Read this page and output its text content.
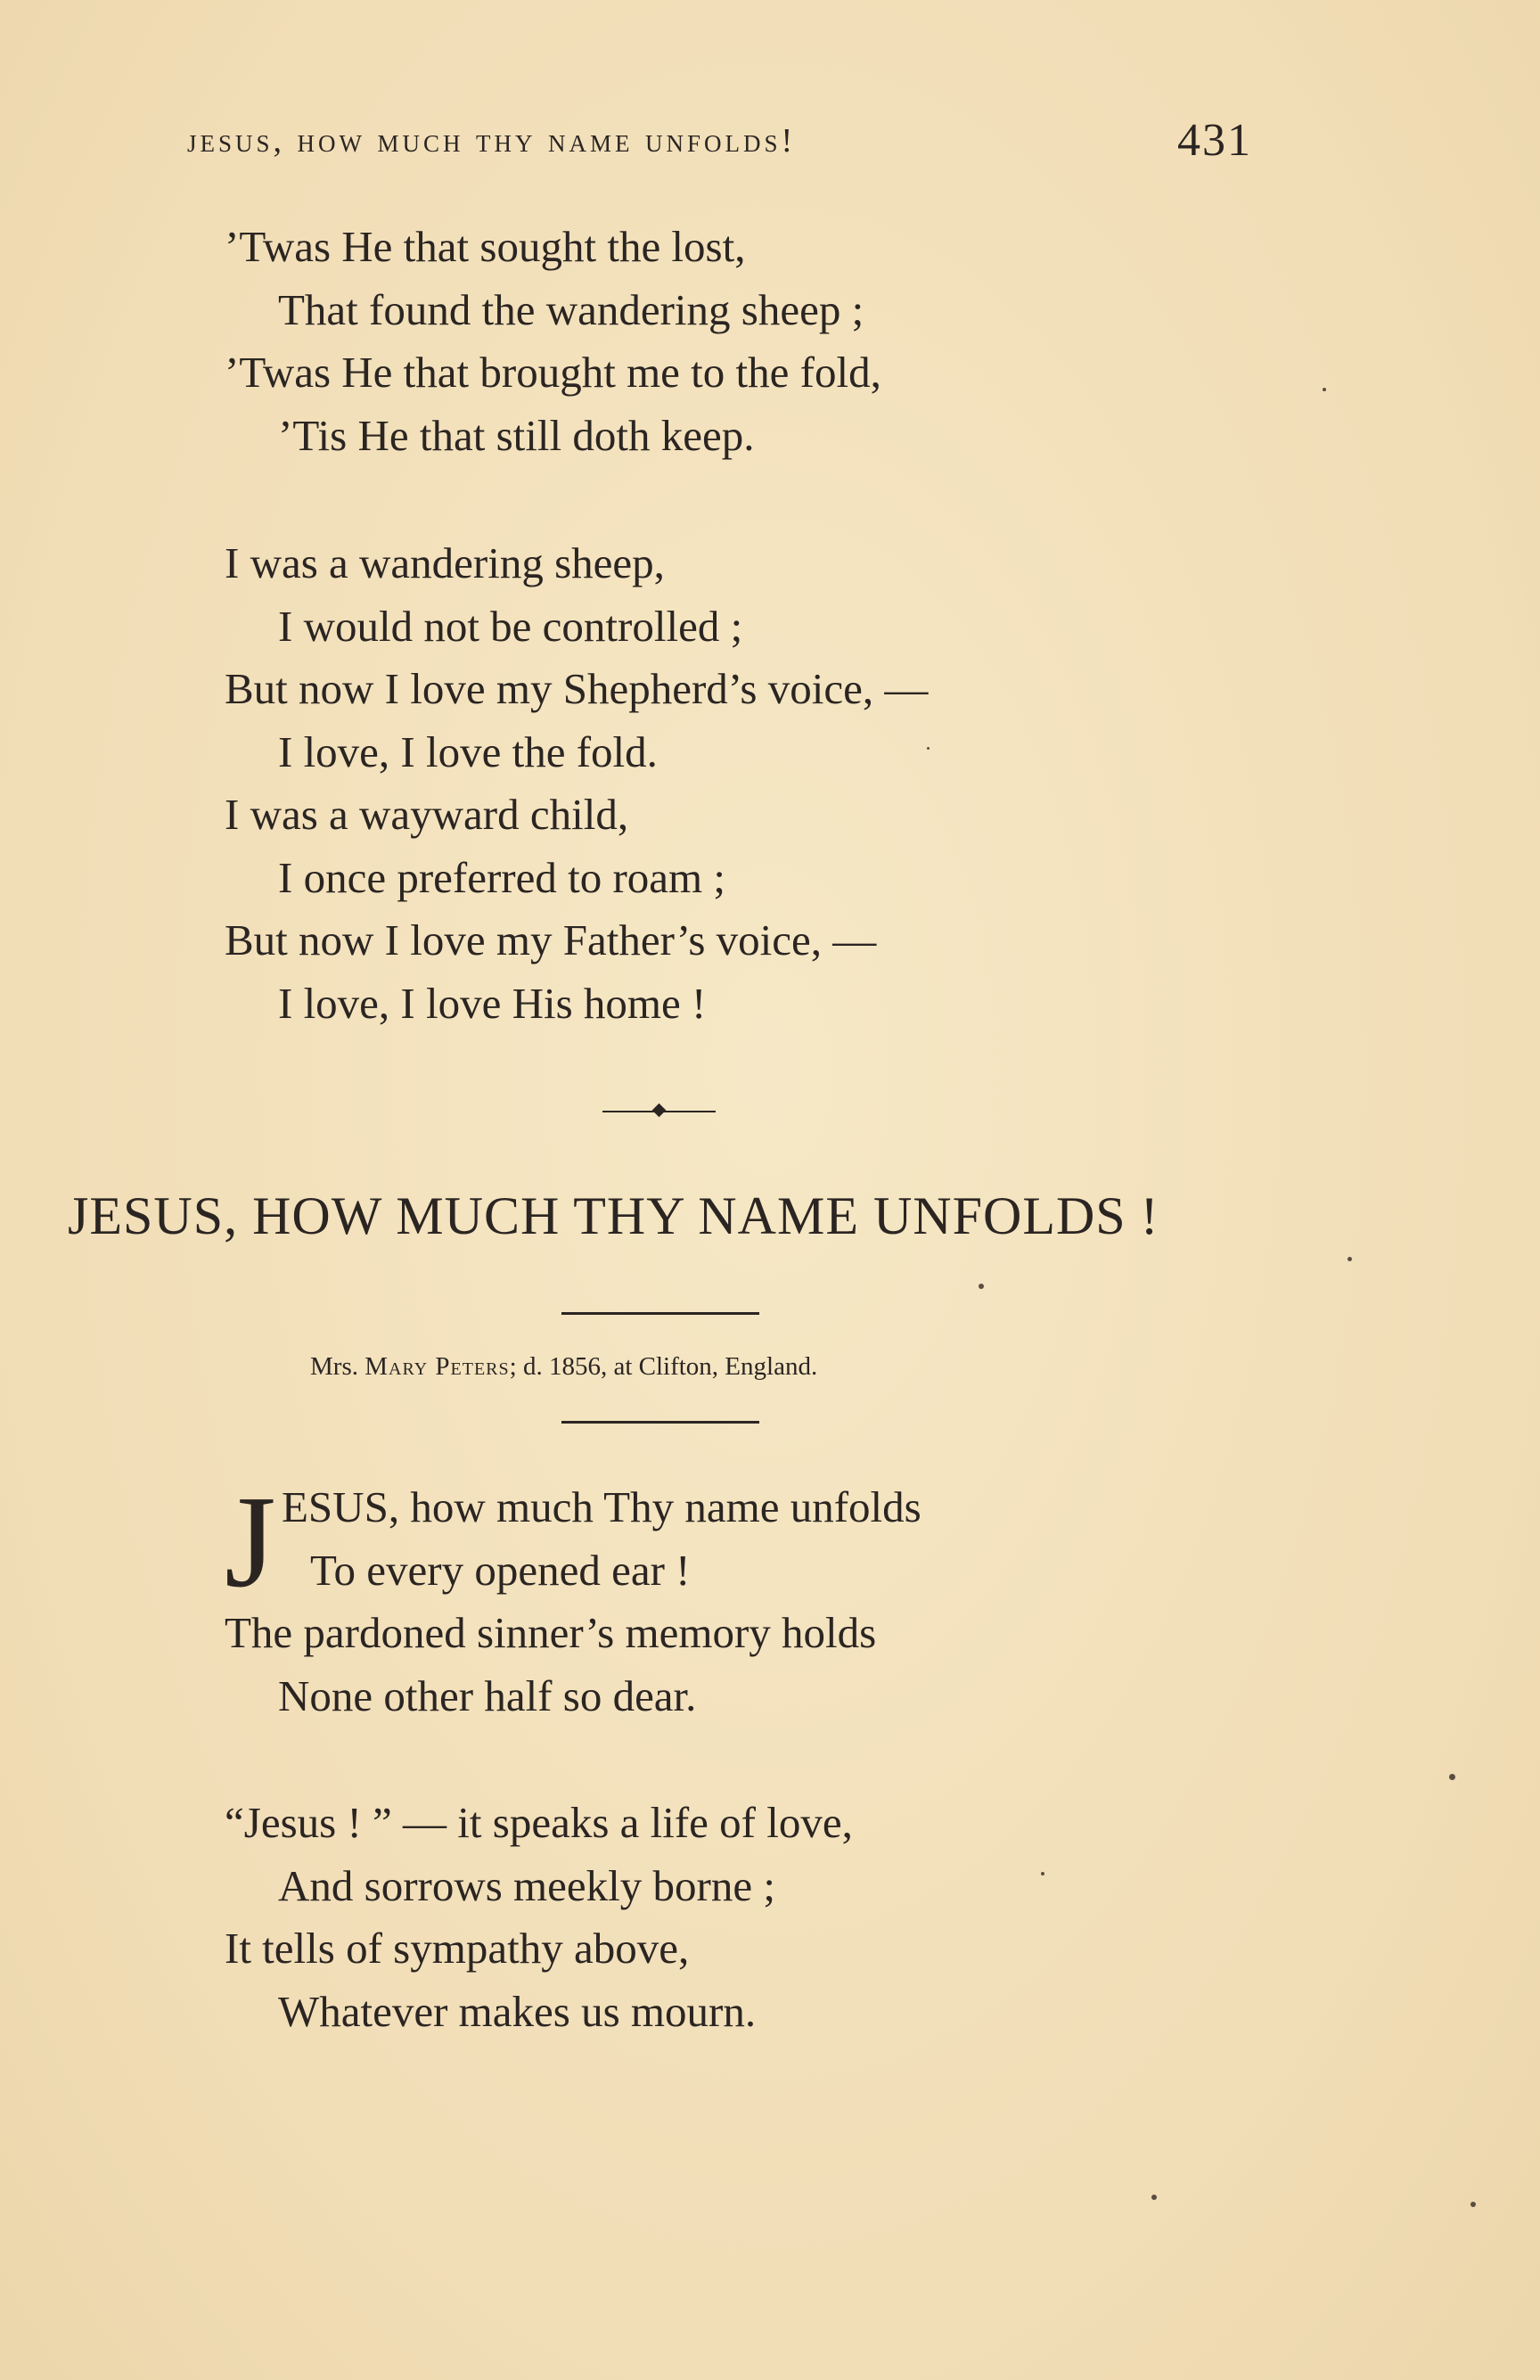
jesus, how much thy name unfolds!	431
’Twas He that sought the lost,
That found the wandering sheep ;
’Twas He that brought me to the fold,
’Tis He that still doth keep.
I was a wandering sheep,
I would not be controlled ;
But now I love my Shepherd’s voice, —
I love, I love the fold.
I was a wayward child,
I once preferred to roam ;
But now I love my Father’s voice, —
I love, I love His home !
JESUS, HOW MUCH THY NAME UNFOLDS !
Mrs. Mary Peters; d. 1856, at Clifton, England.
J ESUS, how much Thy name unfolds
To every opened ear !
The pardoned sinner’s memory holds
None other half so dear.
“Jesus ! ” — it speaks a life of love,
And sorrows meekly borne ;
It tells of sympathy above,
Whatever makes us mourn.
